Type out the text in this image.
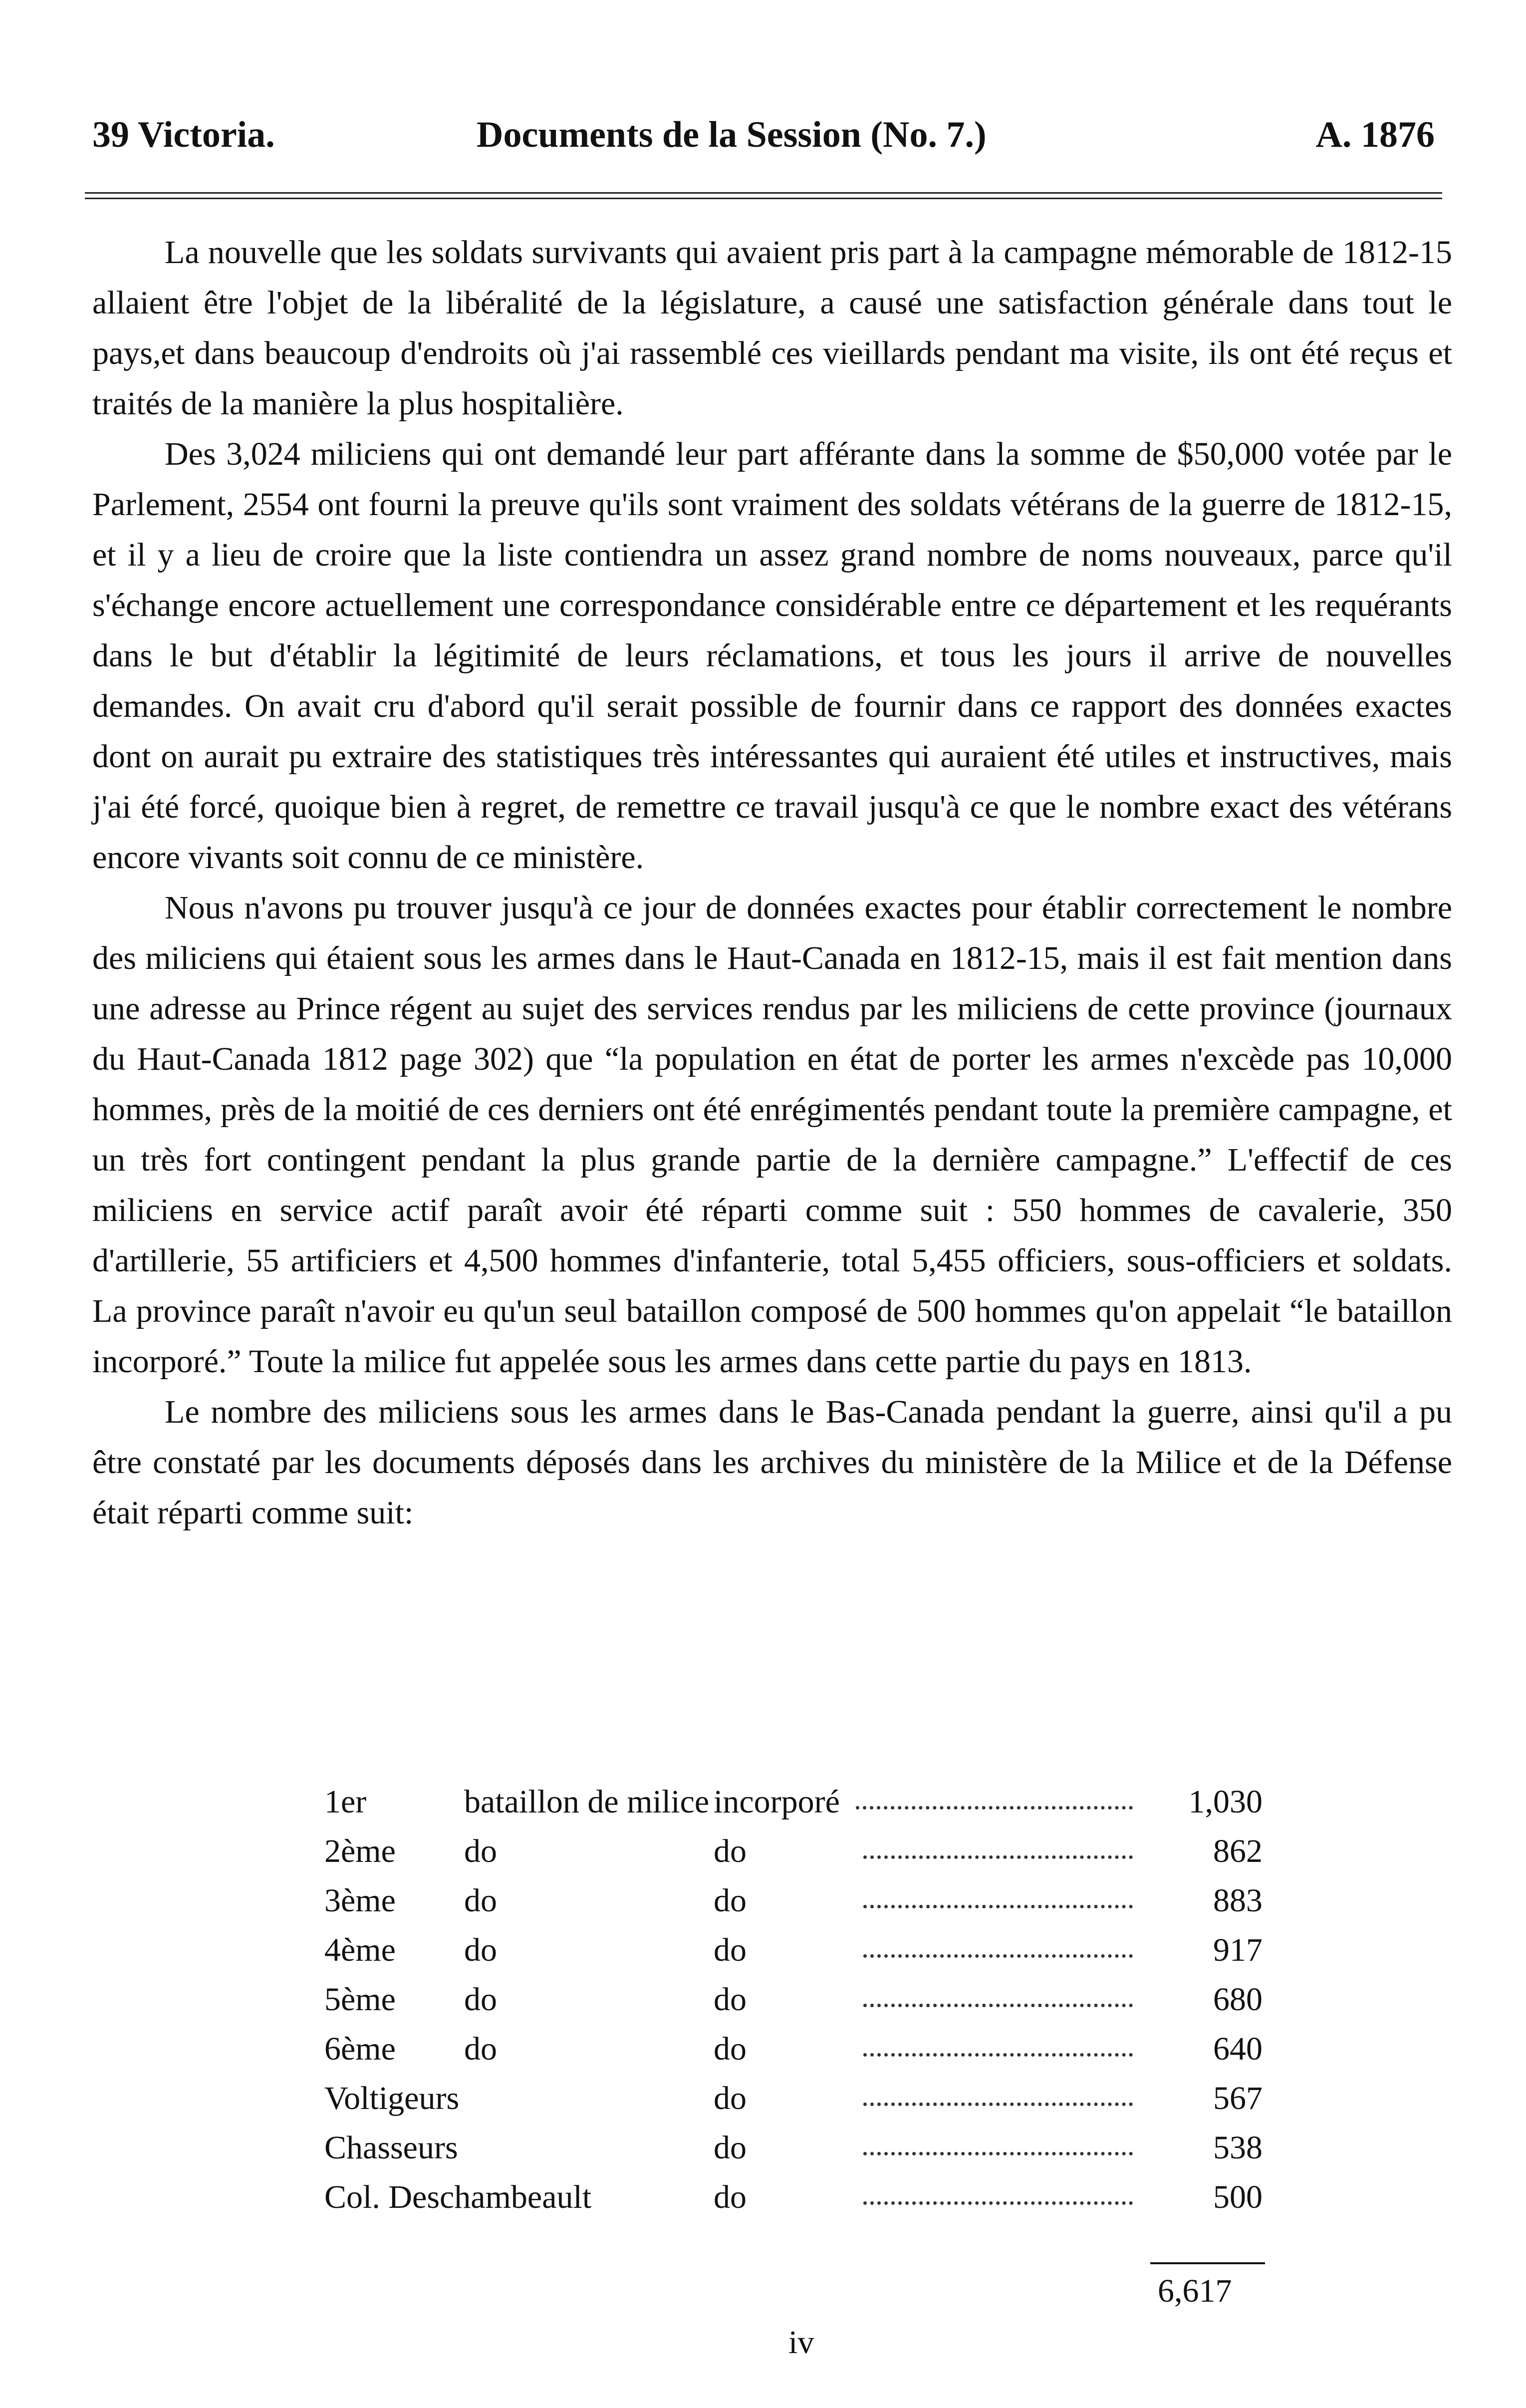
39 Victoria.	Documents de la Session (No. 7.)	A. 1876

La nouvelle que les soldats survivants qui avaient pris part à la campagne mémorable de 1812-15 allaient être l'objet de la libéralité de la législature, a causé une satisfaction générale dans tout le pays,et dans beaucoup d'endroits où j'ai rassemblé ces vieillards pendant ma visite, ils ont été reçus et traités de la manière la plus hospitalière.

Des 3,024 miliciens qui ont demandé leur part afférante dans la somme de $50,000 votée par le Parlement, 2554 ont fourni la preuve qu'ils sont vraiment des soldats vétérans de la guerre de 1812-15, et il y a lieu de croire que la liste contiendra un assez grand nombre de noms nouveaux, parce qu'il s'échange encore actuellement une correspondance considérable entre ce département et les requérants dans le but d'établir la légitimité de leurs réclamations, et tous les jours il arrive de nouvelles demandes. On avait cru d'abord qu'il serait possible de fournir dans ce rapport des données exactes dont on aurait pu extraire des statistiques très intéressantes qui auraient été utiles et instructives, mais j'ai été forcé, quoique bien à regret, de remettre ce travail jusqu'à ce que le nombre exact des vétérans encore vivants soit connu de ce ministère.

Nous n'avons pu trouver jusqu'à ce jour de données exactes pour établir correctement le nombre des miliciens qui étaient sous les armes dans le Haut-Canada en 1812-15, mais il est fait mention dans une adresse au Prince régent au sujet des services rendus par les miliciens de cette province (journaux du Haut-Canada 1812 page 302) que “la population en état de porter les armes n'excède pas 10,000 hommes, près de la moitié de ces derniers ont été enrégimentés pendant toute la première campagne, et un très fort contingent pendant la plus grande partie de la dernière campagne.” L'effectif de ces miliciens en service actif paraît avoir été réparti comme suit : 550 hommes de cavalerie, 350 d'artillerie, 55 artificiers et 4,500 hommes d'infanterie, total 5,455 officiers, sous-officiers et soldats. La province paraît n'avoir eu qu'un seul bataillon composé de 500 hommes qu'on appelait “le bataillon incorporé.” Toute la milice fut appelée sous les armes dans cette partie du pays en 1813.

Le nombre des miliciens sous les armes dans le Bas-Canada pendant la guerre, ainsi qu'il a pu être constaté par les documents déposés dans les archives du ministère de la Milice et de la Défense était réparti comme suit:

1er	bataillon de milice incorporé	1,030
2ème do	do	862
3ème do	do	883
4ème do	do	917
5ème do	do	680
6ème do	do	640
Voltigeurs	do	567
Chasseurs	do	538
Col. Deschambeault	do	500
6,617
iv
